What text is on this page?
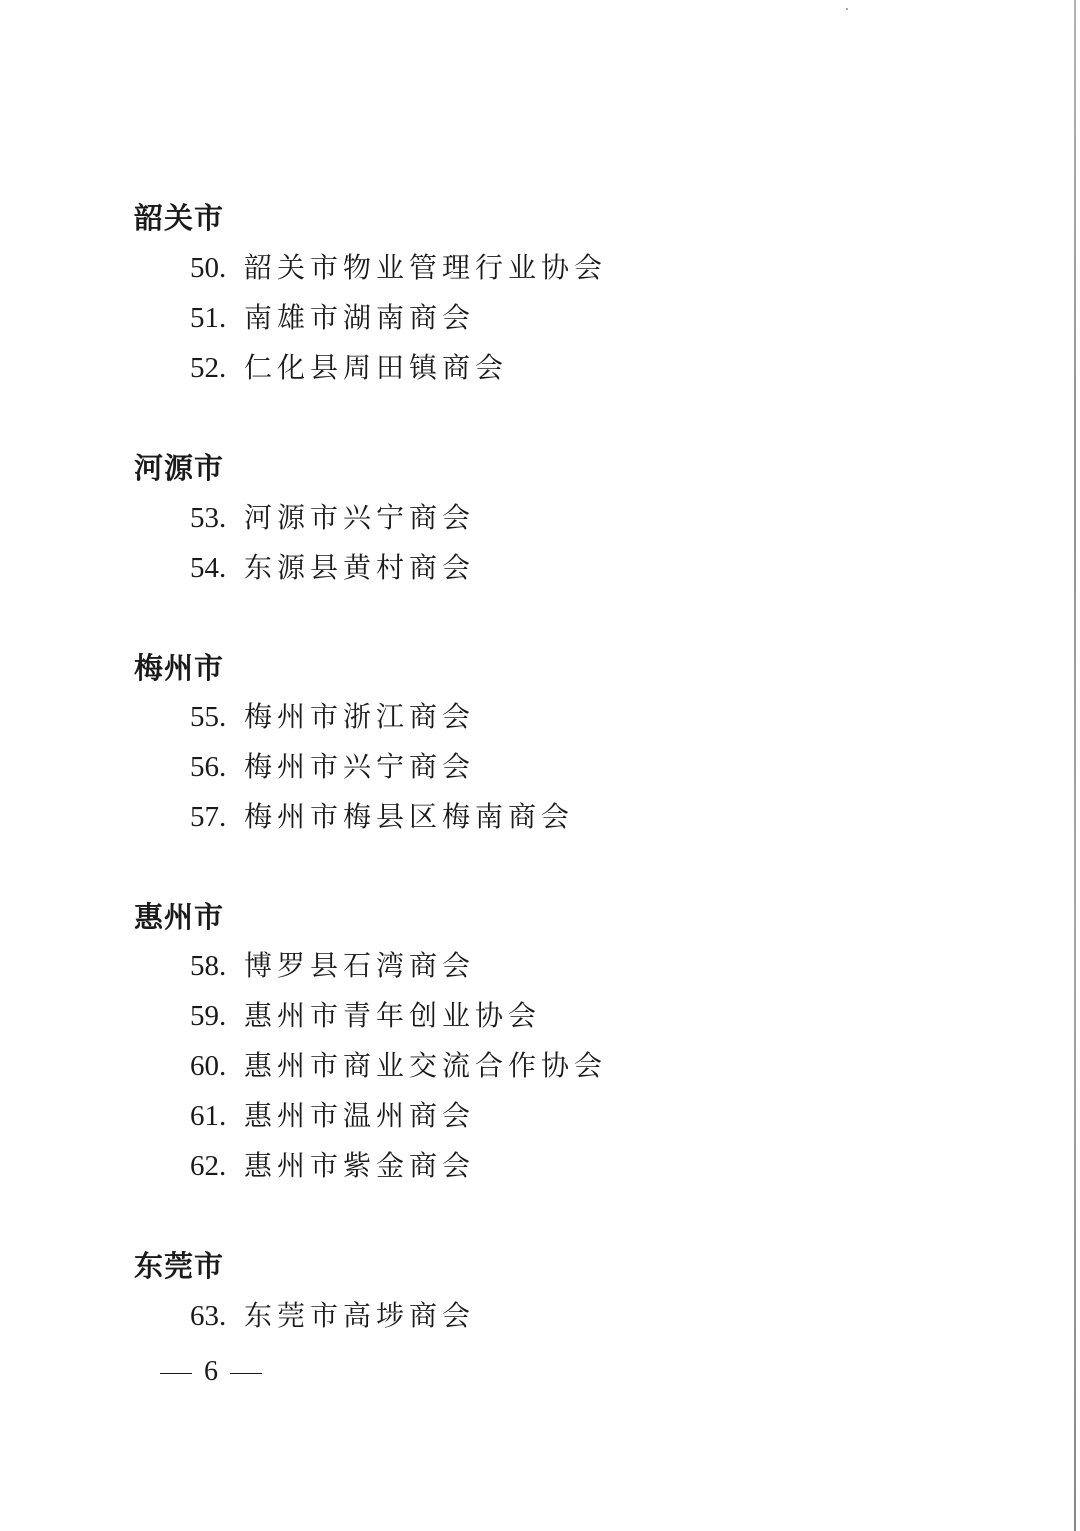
韶关市
50. 韶关市物业管理行业协会
51. 南雄市湖南商会
52. 仁化县周田镇商会
河源市
53. 河源市兴宁商会
54. 东源县黄村商会
梅州市
55. 梅州市浙江商会
56. 梅州市兴宁商会
57. 梅州市梅县区梅南商会
惠州市
58. 博罗县石湾商会
59. 惠州市青年创业协会
60. 惠州市商业交流合作协会
61. 惠州市温州商会
62. 惠州市紫金商会
东莞市
63. 东莞市高埗商会
6
